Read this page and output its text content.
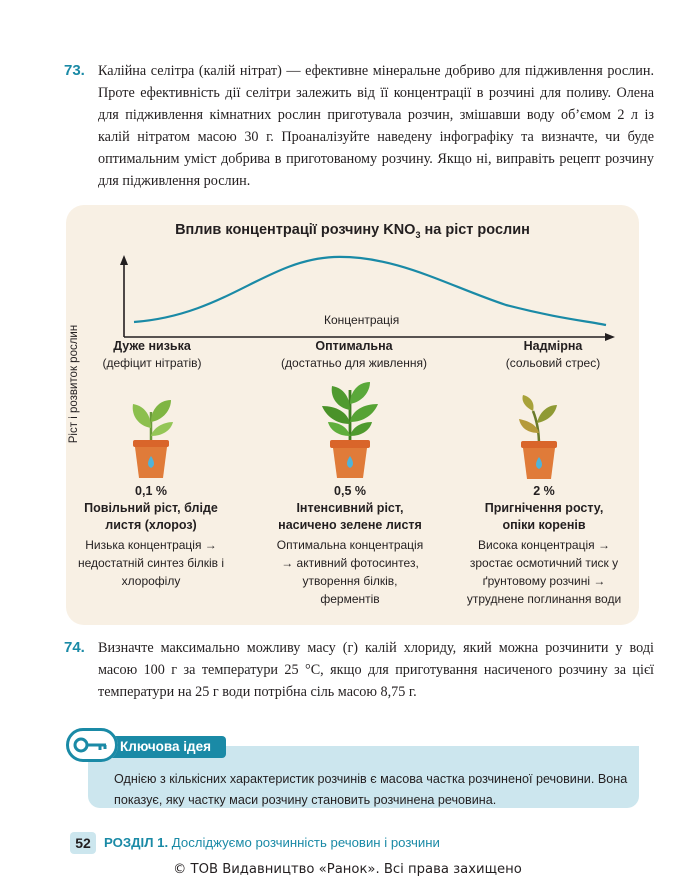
73. Калійна селітра (калій нітрат) — ефективне мінеральне добриво для підживлення рослин. Проте ефективність дії селітри залежить від її концентрації в розчині для поливу. Олена для підживлення кімнатних рослин приготувала розчин, змішавши воду об’ємом 2 л із калій нітратом масою 30 г. Проаналізуйте наведену інфографіку та визначте, чи буде оптимальним уміст добрива в приготованому розчину. Якщо ні, виправіть рецепт розчину для підживлення рослин.
Вплив концентрації розчину $KNO_3$ на ріст рослин
Ріст і розвиток рослин
Концентрація
Дуже низька
(дефіцит нітратів)
Оптимальна
(достатньо для живлення)
Надмірна
(сольовий стрес)
0,1 %
Повільний ріст, бліде листя (хлороз)
Низька концентрація → недостатній синтез білків і хлорофілу
0,5 %
Інтенсивний ріст, насичено зелене листя
Оптимальна концентрація → активний фотосинтез, утворення білків, ферментів
2 %
Пригнічення росту, опіки коренів
Висока концентрація → зростає осмотичний тиск у ґрунтовому розчині → утруднене поглинання води
74. Визначте максимально можливу масу (г) калій хлориду, який можна розчинити у воді масою 100 г за температури 25 °С, якщо для приготування насиченого розчину за цієї температури на 25 г води потрібна сіль масою 8,75 г.
Ключова ідея
Однією з кількісних характеристик розчинів є масова частка розчиненої речовини. Вона показує, яку частку маси розчину становить розчинена речовина.
52	РОЗДІЛ 1. Досліджуємо розчинність речовин і розчини
© ТОВ Видавництво «Ранок». Всі права захищено
